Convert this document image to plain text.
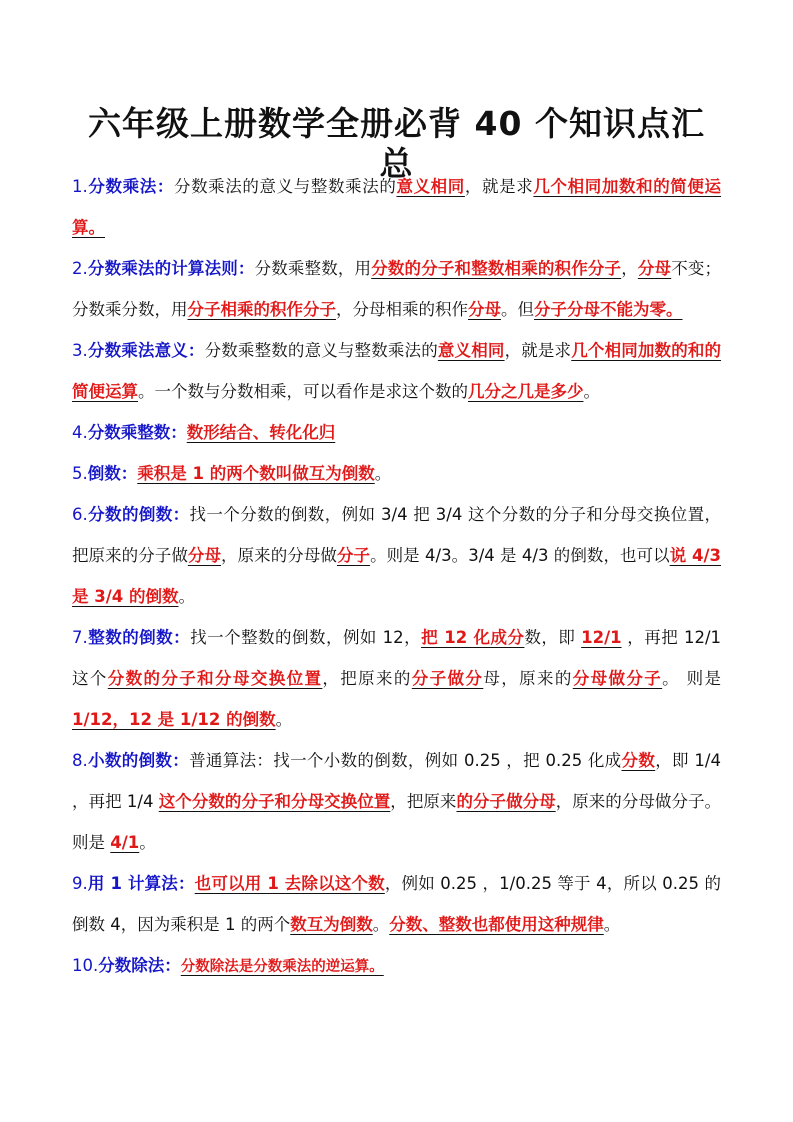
六年级上册数学全册必背 40 个知识点汇总

1.分数乘法：分数乘法的意义与整数乘法的意义相同，就是求几个相同加数和的简便运算。

2.分数乘法的计算法则：分数乘整数，用分数的分子和整数相乘的积作分子，分母不变；分数乘分数，用分子相乘的积作分子，分母相乘的积作分母。但分子分母不能为零。

3.分数乘法意义：分数乘整数的意义与整数乘法的意义相同，就是求几个相同加数的和的简便运算。一个数与分数相乘，可以看作是求这个数的几分之几是多少。

4.分数乘整数：数形结合、转化化归

5.倒数：乘积是 1 的两个数叫做互为倒数。

6.分数的倒数：找一个分数的倒数，例如 3/4 把 3/4 这个分数的分子和分母交换位置，把原来的分子做分母，原来的分母做分子。则是 4/3。3/4 是 4/3 的倒数，也可以说 4/3 是 3/4 的倒数。

7.整数的倒数：找一个整数的倒数，例如 12，把 12 化成分数，即 12/1 ，再把 12/1 这个分数的分子和分母交换位置，把原来的分子做分母，原来的分母做分子。 则是 1/12，12 是 1/12 的倒数。

8.小数的倒数：普通算法：找一个小数的倒数，例如 0.25 ，把 0.25 化成分数，即 1/4 ，再把 1/4 这个分数的分子和分母交换位置，把原来的分子做分母，原来的分母做分子。则是 4/1。

9.用 1 计算法：也可以用 1 去除以这个数，例如 0.25 ，1/0.25 等于 4，所以 0.25 的倒数 4，因为乘积是 1 的两个数互为倒数。分数、整数也都使用这种规律。

10.分数除法：分数除法是分数乘法的逆运算。
